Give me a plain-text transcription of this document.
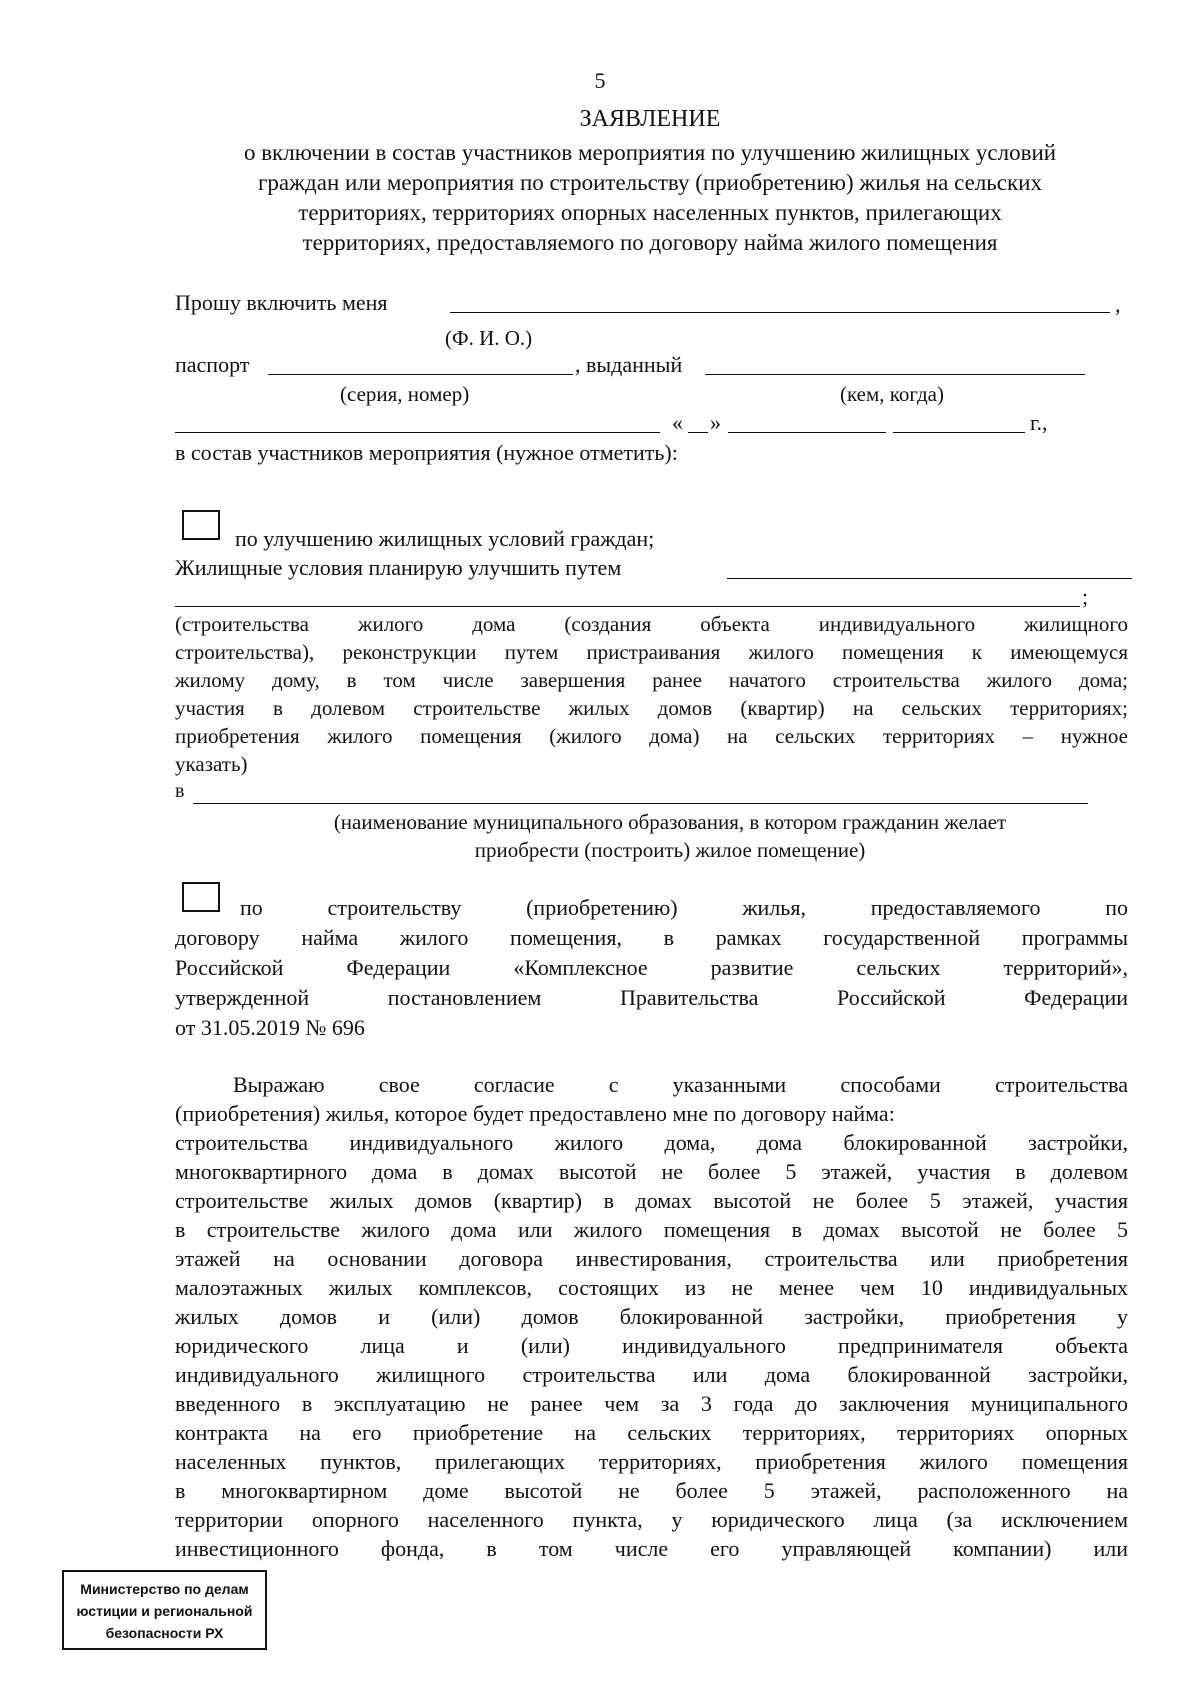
5
ЗАЯВЛЕНИЕ
о включении в состав участников мероприятия по улучшению жилищных условий
граждан или мероприятия по строительству (приобретению) жилья на сельских
территориях, территориях опорных населенных пунктов, прилегающих
территориях, предоставляемого по договору найма жилого помещения
Прошу включить меня	,
(Ф. И. О.)
паспорт	, выданный
(серия, номер)	(кем, когда)
« »	г.,
в состав участников мероприятия (нужное отметить):
по улучшению жилищных условий граждан;
Жилищные условия планирую улучшить путем
;
(строительства жилого дома (создания объекта индивидуального жилищного
строительства), реконструкции путем пристраивания жилого помещения к имеющемуся
жилому дому, в том числе завершения ранее начатого строительства жилого дома;
участия в долевом строительстве жилых домов (квартир) на сельских территориях;
приобретения жилого помещения (жилого дома) на сельских территориях – нужное
указать)
в
(наименование муниципального образования, в котором гражданин желает
приобрести (построить) жилое помещение)
по строительству (приобретению) жилья, предоставляемого по
договору найма жилого помещения, в рамках государственной программы
Российской Федерации «Комплексное развитие сельских территорий»,
утвержденной постановлением Правительства Российской Федерации
от 31.05.2019 № 696
Выражаю свое согласие с указанными способами строительства
(приобретения) жилья, которое будет предоставлено мне по договору найма:
строительства индивидуального жилого дома, дома блокированной застройки,
многоквартирного дома в домах высотой не более 5 этажей, участия в долевом
строительстве жилых домов (квартир) в домах высотой не более 5 этажей, участия
в строительстве жилого дома или жилого помещения в домах высотой не более 5
этажей на основании договора инвестирования, строительства или приобретения
малоэтажных жилых комплексов, состоящих из не менее чем 10 индивидуальных
жилых домов и (или) домов блокированной застройки, приобретения у
юридического лица и (или) индивидуального предпринимателя объекта
индивидуального жилищного строительства или дома блокированной застройки,
введенного в эксплуатацию не ранее чем за 3 года до заключения муниципального
контракта на его приобретение на сельских территориях, территориях опорных
населенных пунктов, прилегающих территориях, приобретения жилого помещения
в многоквартирном доме высотой не более 5 этажей, расположенного на
территории опорного населенного пункта, у юридического лица (за исключением
инвестиционного фонда, в том числе его управляющей компании) или
Министерство по делам
юстиции и региональной
безопасности РХ
